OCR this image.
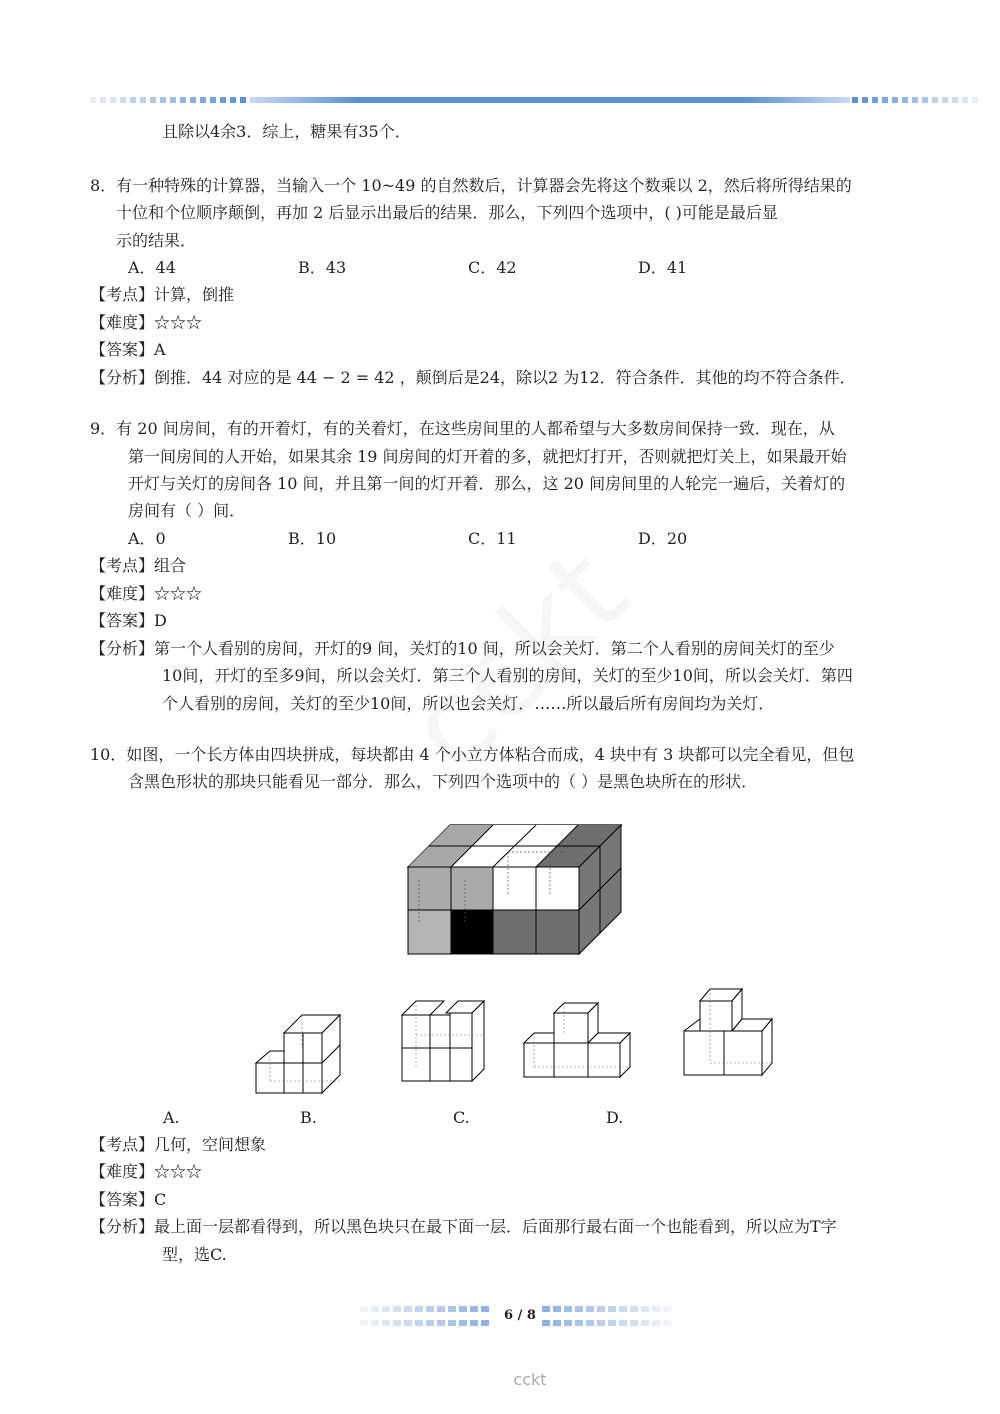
且除以4余3．综上，糖果有35个．
8．有一种特殊的计算器，当输入一个 10~49 的自然数后，计算器会先将这个数乘以 2，然后将所得结果的
十位和个位顺序颠倒，再加 2 后显示出最后的结果．那么，下列四个选项中，( )可能是最后显
示的结果．
A．44	B．43	C．42	D．41
【考点】计算，倒推
【难度】☆☆☆
【答案】A
【分析】倒推．44 对应的是 44 − 2 = 42 ，颠倒后是24，除以2 为12．符合条件．其他的均不符合条件．
9．有 20 间房间，有的开着灯，有的关着灯，在这些房间里的人都希望与大多数房间保持一致．现在，从
第一间房间的人开始，如果其余 19 间房间的灯开着的多，就把灯打开，否则就把灯关上，如果最开始
开灯与关灯的房间各 10 间，并且第一间的灯开着．那么，这 20 间房间里的人轮完一遍后，关着灯的
房间有（ ）间．
A．0	B．10	C．11	D．20
【考点】组合
【难度】☆☆☆
【答案】D
【分析】第一个人看别的房间，开灯的9 间，关灯的10 间，所以会关灯．第二个人看别的房间关灯的至少
10间，开灯的至多9间，所以会关灯．第三个人看别的房间，关灯的至少10间，所以会关灯．第四
个人看别的房间，关灯的至少10间，所以也会关灯．……所以最后所有房间均为关灯．
10．如图，一个长方体由四块拼成，每块都由 4 个小立方体粘合而成，4 块中有 3 块都可以完全看见，但包
含黑色形状的那块只能看见一部分．那么，下列四个选项中的（ ）是黑色块所在的形状．
A.	B.	C.	D.
【考点】几何，空间想象
【难度】☆☆☆
【答案】C
【分析】最上面一层都看得到，所以黑色块只在最下面一层．后面那行最右面一个也能看到，所以应为T字
型，选C.
6 / 8
cckt
